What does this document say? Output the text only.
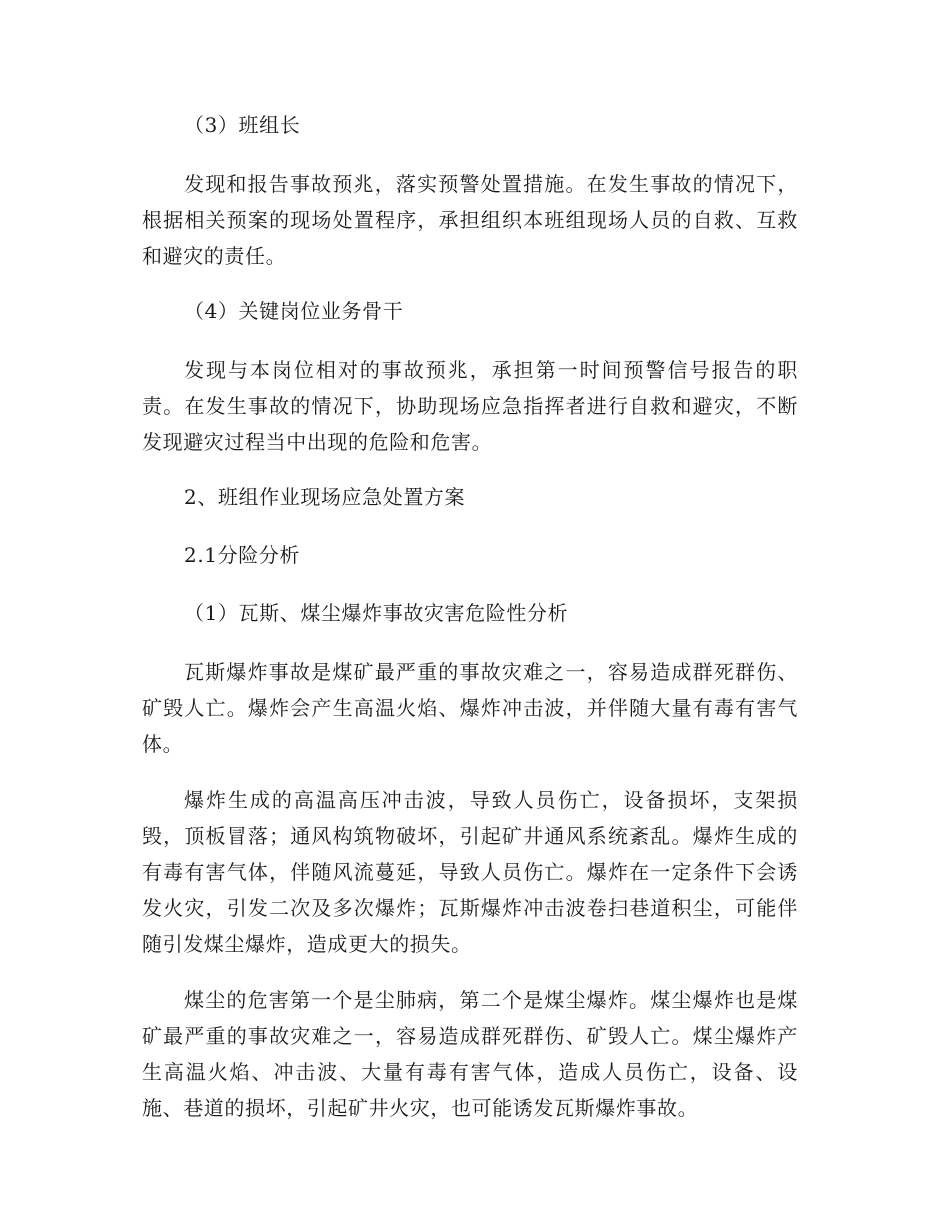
（3）班组长
发现和报告事故预兆，落实预警处置措施。在发生事故的情况下，根据相关预案的现场处置程序，承担组织本班组现场人员的自救、互救和避灾的责任。
（4）关键岗位业务骨干
发现与本岗位相对的事故预兆，承担第一时间预警信号报告的职责。在发生事故的情况下，协助现场应急指挥者进行自救和避灾，不断发现避灾过程当中出现的危险和危害。
2、班组作业现场应急处置方案
2.1分险分析
（1）瓦斯、煤尘爆炸事故灾害危险性分析
瓦斯爆炸事故是煤矿最严重的事故灾难之一，容易造成群死群伤、矿毁人亡。爆炸会产生高温火焰、爆炸冲击波，并伴随大量有毒有害气体。
爆炸生成的高温高压冲击波，导致人员伤亡，设备损坏，支架损毁，顶板冒落；通风构筑物破坏，引起矿井通风系统紊乱。爆炸生成的有毒有害气体，伴随风流蔓延，导致人员伤亡。爆炸在一定条件下会诱发火灾，引发二次及多次爆炸；瓦斯爆炸冲击波卷扫巷道积尘，可能伴随引发煤尘爆炸，造成更大的损失。
煤尘的危害第一个是尘肺病，第二个是煤尘爆炸。煤尘爆炸也是煤矿最严重的事故灾难之一，容易造成群死群伤、矿毁人亡。煤尘爆炸产生高温火焰、冲击波、大量有毒有害气体，造成人员伤亡，设备、设施、巷道的损坏，引起矿井火灾，也可能诱发瓦斯爆炸事故。
